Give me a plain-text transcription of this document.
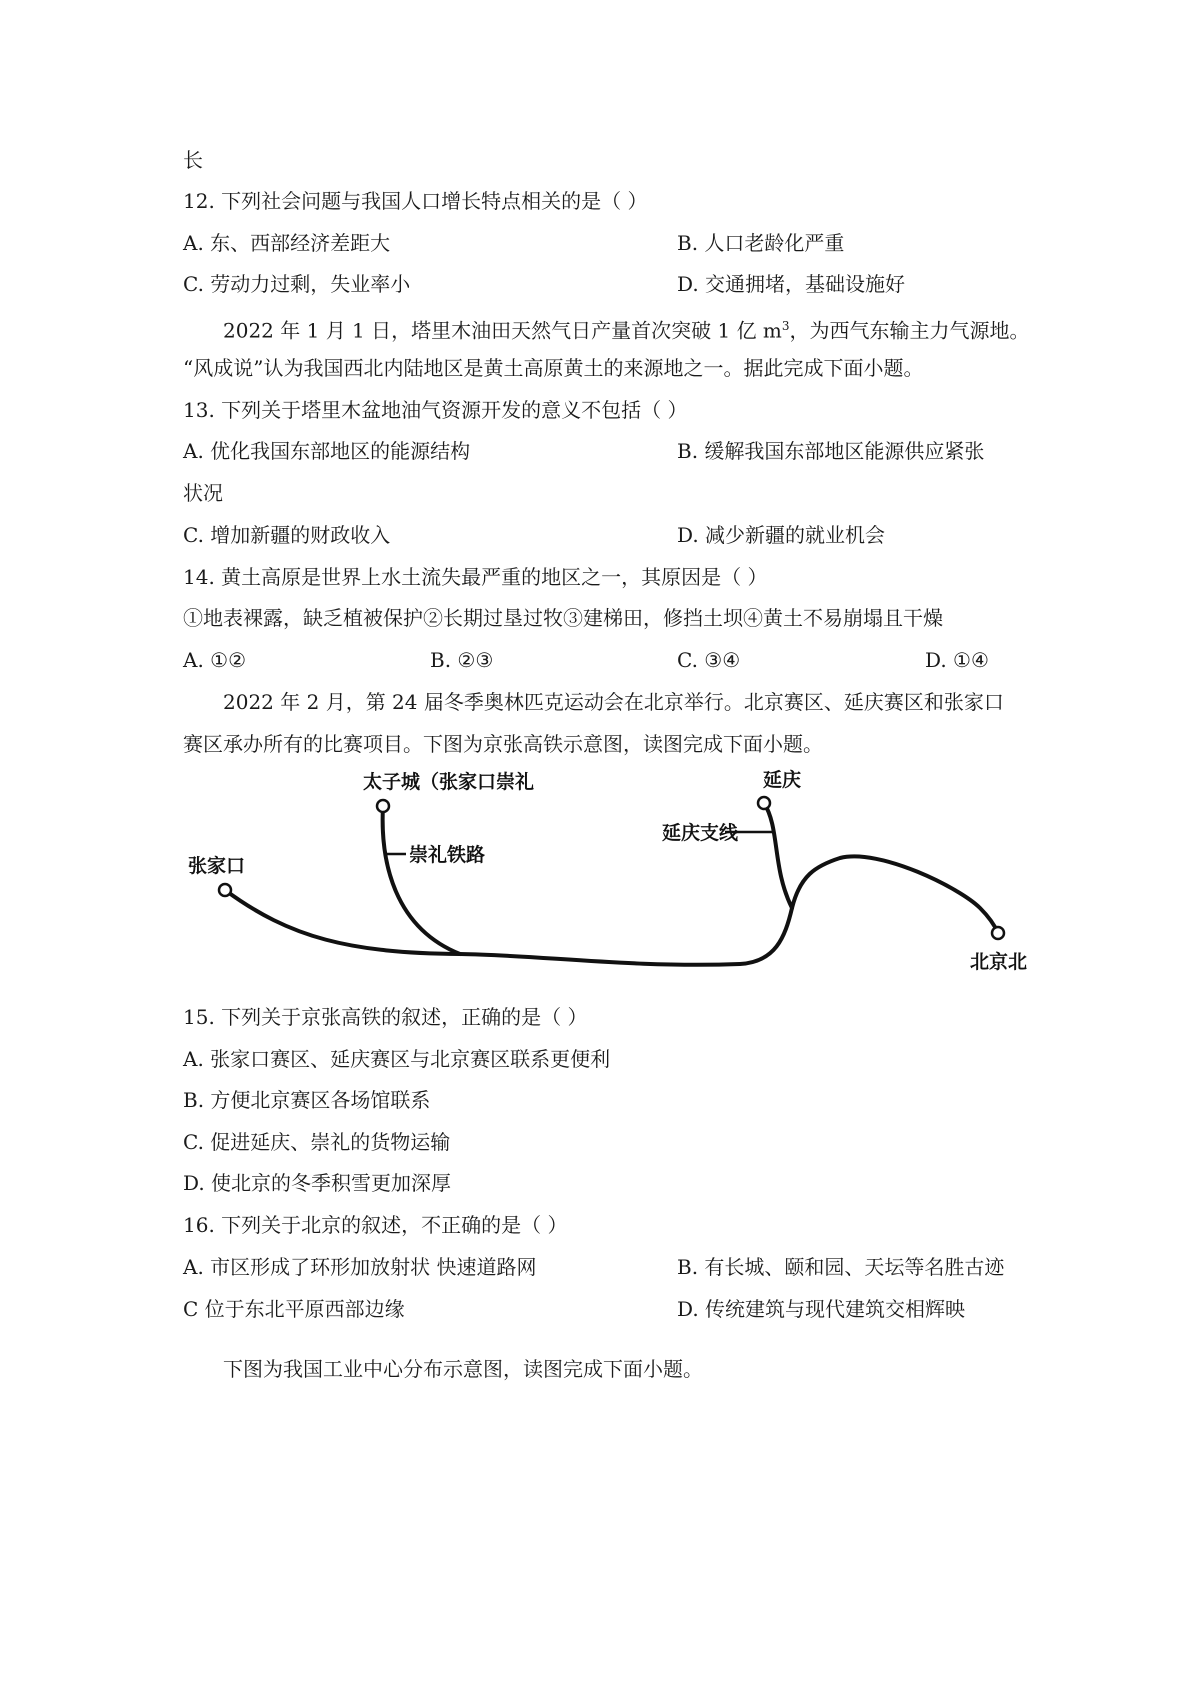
长
12. 下列社会问题与我国人口增长特点相关的是（ ）
A. 东、西部经济差距大	B. 人口老龄化严重
C. 劳动力过剩，失业率小	D. 交通拥堵，基础设施好
2022 年 1 月 1 日，塔里木油田天然气日产量首次突破 1 亿 $m^3$，为西气东输主力气源地。
“风成说”认为我国西北内陆地区是黄土高原黄土的来源地之一。据此完成下面小题。
13. 下列关于塔里木盆地油气资源开发的意义不包括（ ）
A. 优化我国东部地区的能源结构	B. 缓解我国东部地区能源供应紧张
状况
C. 增加新疆的财政收入	D. 减少新疆的就业机会
14. 黄土高原是世界上水土流失最严重的地区之一，其原因是（ ）
①地表裸露，缺乏植被保护②长期过垦过牧③建梯田，修挡土坝④黄土不易崩塌且干燥
A. ①②	B. ②③	C. ③④	D. ①④
2022 年 2 月，第 24 届冬季奥林匹克运动会在北京举行。北京赛区、延庆赛区和张家口
赛区承办所有的比赛项目。下图为京张高铁示意图，读图完成下面小题。
太子城（张家口崇礼
崇礼铁路
延庆
延庆支线
张家口
北京北
15. 下列关于京张高铁的叙述，正确的是（ ）
A. 张家口赛区、延庆赛区与北京赛区联系更便利
B. 方便北京赛区各场馆联系
C. 促进延庆、崇礼的货物运输
D. 使北京的冬季积雪更加深厚
16. 下列关于北京的叙述，不正确的是（ ）
A. 市区形成了环形加放射状 快速道路网	B. 有长城、颐和园、天坛等名胜古迹
C 位于东北平原西部边缘	D. 传统建筑与现代建筑交相辉映
下图为我国工业中心分布示意图，读图完成下面小题。
